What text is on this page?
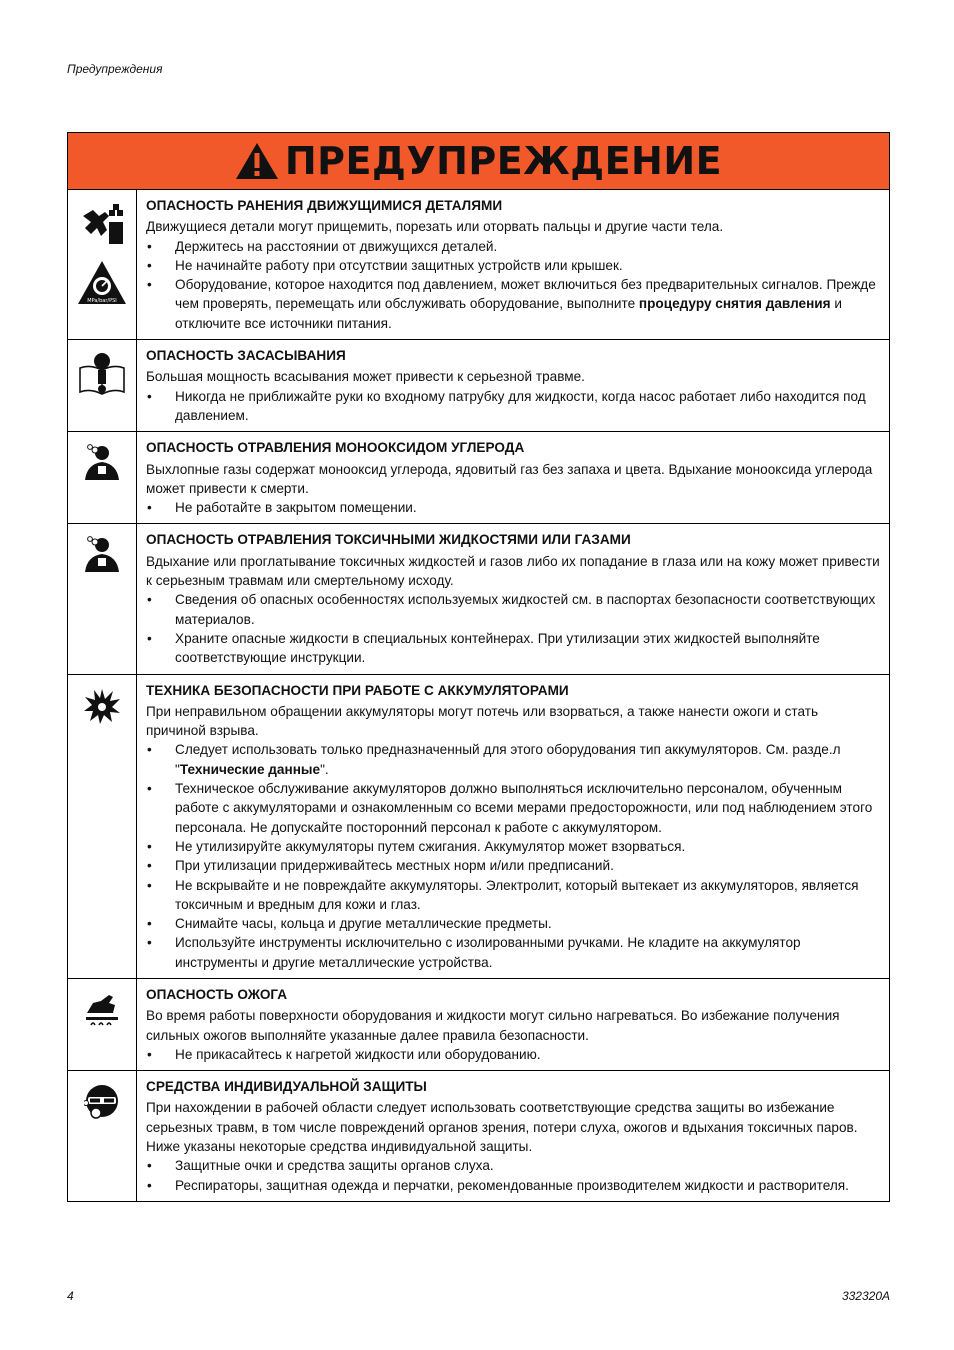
Предупреждения
ПРЕДУПРЕЖДЕНИЕ
MPa/bar/PSI
ОПАСНОСТЬ РАНЕНИЯ ДВИЖУЩИМИСЯ ДЕТАЛЯМИ
Движущиеся детали могут прищемить, порезать или оторвать пальцы и другие части тела.
• Держитесь на расстоянии от движущихся деталей.
• Не начинайте работу при отсутствии защитных устройств или крышек.
• Оборудование, которое находится под давлением, может включиться без предварительных сигналов. Прежде чем проверять, перемещать или обслуживать оборудование, выполните процедуру снятия давления и отключите все источники питания.
ОПАСНОСТЬ ЗАСАСЫВАНИЯ
Большая мощность всасывания может привести к серьезной травме.
• Никогда не приближайте руки ко входному патрубку для жидкости, когда насос работает либо находится под давлением.
ОПАСНОСТЬ ОТРАВЛЕНИЯ МОНООКСИДОМ УГЛЕРОДА
Выхлопные газы содержат монооксид углерода, ядовитый газ без запаха и цвета. Вдыхание монооксида углерода может привести к смерти.
• Не работайте в закрытом помещении.
ОПАСНОСТЬ ОТРАВЛЕНИЯ ТОКСИЧНЫМИ ЖИДКОСТЯМИ ИЛИ ГАЗАМИ
Вдыхание или проглатывание токсичных жидкостей и газов либо их попадание в глаза или на кожу может привести к серьезным травмам или смертельному исходу.
• Сведения об опасных особенностях используемых жидкостей см. в паспортах безопасности соответствующих материалов.
• Храните опасные жидкости в специальных контейнерах. При утилизации этих жидкостей выполняйте соответствующие инструкции.
ТЕХНИКА БЕЗОПАСНОСТИ ПРИ РАБОТЕ С АККУМУЛЯТОРАМИ
При неправильном обращении аккумуляторы могут потечь или взорваться, а также нанести ожоги и стать причиной взрыва.
• Следует использовать только предназначенный для этого оборудования тип аккумуляторов. См. разде.л "Технические данные".
• Техническое обслуживание аккумуляторов должно выполняться исключительно персоналом, обученным работе с аккумуляторами и ознакомленным со всеми мерами предосторожности, или под наблюдением этого персонала. Не допускайте посторонний персонал к работе с аккумулятором.
• Не утилизируйте аккумуляторы путем сжигания. Аккумулятор может взорваться.
• При утилизации придерживайтесь местных норм и/или предписаний.
• Не вскрывайте и не повреждайте аккумуляторы. Электролит, который вытекает из аккумуляторов, является токсичным и вредным для кожи и глаз.
• Снимайте часы, кольца и другие металлические предметы.
• Используйте инструменты исключительно с изолированными ручками. Не кладите на аккумулятор инструменты и другие металлические устройства.
ОПАСНОСТЬ ОЖОГА
Во время работы поверхности оборудования и жидкости могут сильно нагреваться. Во избежание получения сильных ожогов выполняйте указанные далее правила безопасности.
• Не прикасайтесь к нагретой жидкости или оборудованию.
СРЕДСТВА ИНДИВИДУАЛЬНОЙ ЗАЩИТЫ
При нахождении в рабочей области следует использовать соответствующие средства защиты во избежание серьезных травм, в том числе повреждений органов зрения, потери слуха, ожогов и вдыхания токсичных паров. Ниже указаны некоторые средства индивидуальной защиты.
• Защитные очки и средства защиты органов слуха.
• Респираторы, защитная одежда и перчатки, рекомендованные производителем жидкости и растворителя.
4	332320A
